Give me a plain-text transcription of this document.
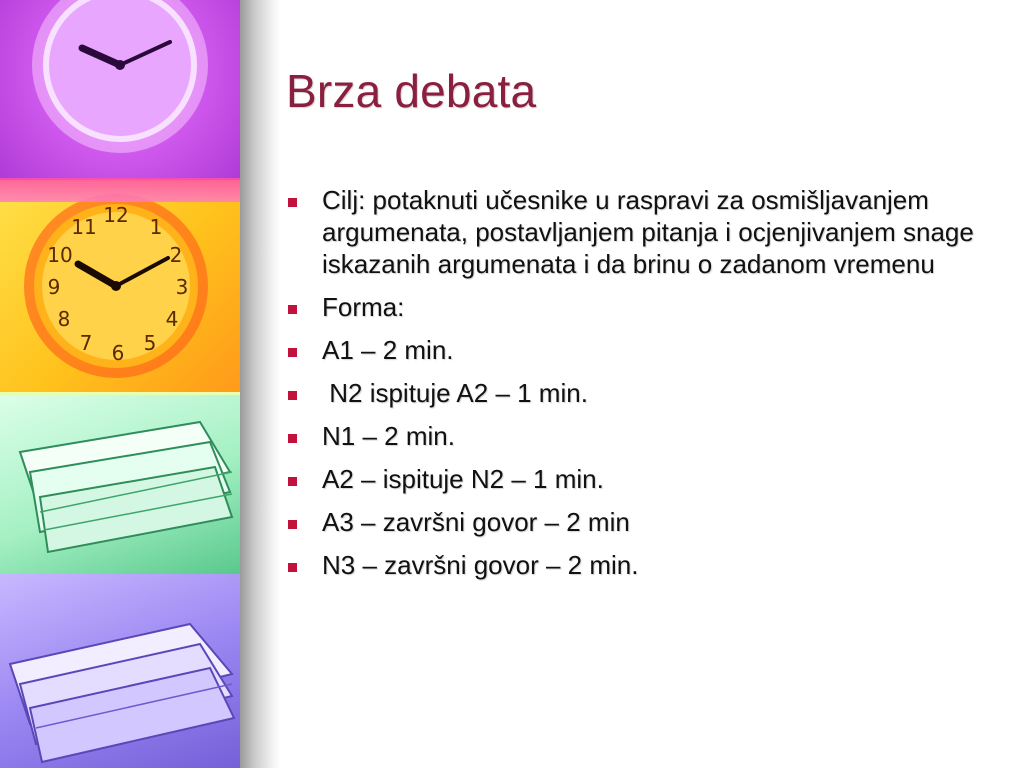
12 1
2
3
4
5
6
7
8
9
10
11
Brza debata
Cilj: potaknuti učesnike u raspravi za osmišljavanjem argumenata, postavljanjem pitanja i ocjenjivanjem snage iskazanih argumenata i da brinu o zadanom vremenu
Forma:
A1 – 2 min.
N2 ispituje A2 – 1 min.
N1 – 2 min.
A2 – ispituje N2 – 1 min.
A3 – završni govor – 2 min
N3 – završni govor – 2 min.
